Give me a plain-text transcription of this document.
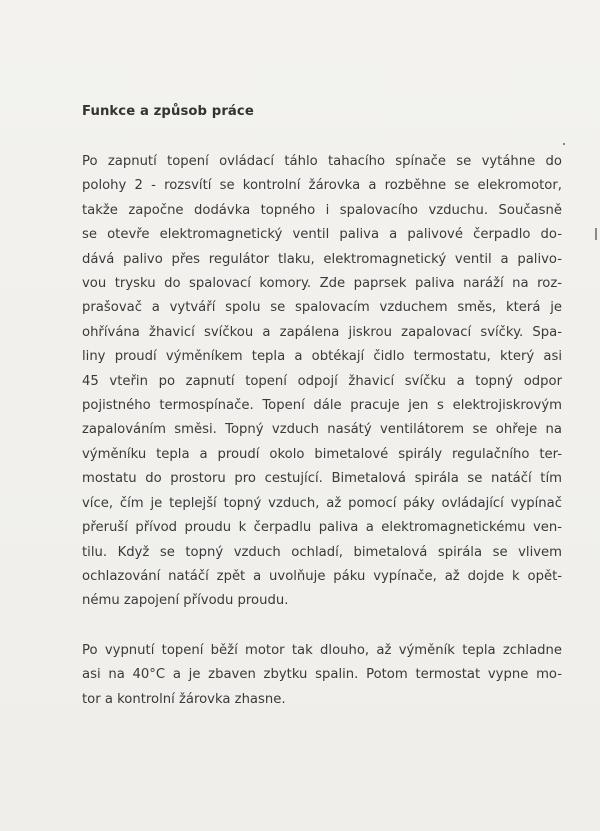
Funkce a způsob práce
Po zapnutí topení ovládací táhlo tahacího spínače se vytáhne do
polohy 2 - rozsvítí se kontrolní žárovka a rozběhne se elekromotor,
takže započne dodávka topného i spalovacího vzduchu. Současně
se otevře elektromagnetický ventil paliva a palivové čerpadlo do-
dává palivo přes regulátor tlaku, elektromagnetický ventil a palivo-
vou trysku do spalovací komory. Zde paprsek paliva naráží na roz-
prašovač a vytváří spolu se spalovacím vzduchem směs, která je
ohřívána žhavicí svíčkou a zapálena jiskrou zapalovací svíčky. Spa-
liny proudí výměníkem tepla a obtékají čidlo termostatu, který asi
45 vteřin po zapnutí topení odpojí žhavicí svíčku a topný odpor
pojistného termospínače. Topení dále pracuje jen s elektrojiskrovým
zapalováním směsi. Topný vzduch nasátý ventilátorem se ohřeje na
výměníku tepla a proudí okolo bimetalové spirály regulačního ter-
mostatu do prostoru pro cestující. Bimetalová spirála se natáčí tím
více, čím je teplejší topný vzduch, až pomocí páky ovládající vypínač
přeruší přívod proudu k čerpadlu paliva a elektromagnetickému ven-
tilu. Když se topný vzduch ochladí, bimetalová spirála se vlivem
ochlazování natáčí zpět a uvolňuje páku vypínače, až dojde k opět-
nému zapojení přívodu proudu.
Po vypnutí topení běží motor tak dlouho, až výměník tepla zchladne
asi na 40°C a je zbaven zbytku spalin. Potom termostat vypne mo-
tor a kontrolní žárovka zhasne.
